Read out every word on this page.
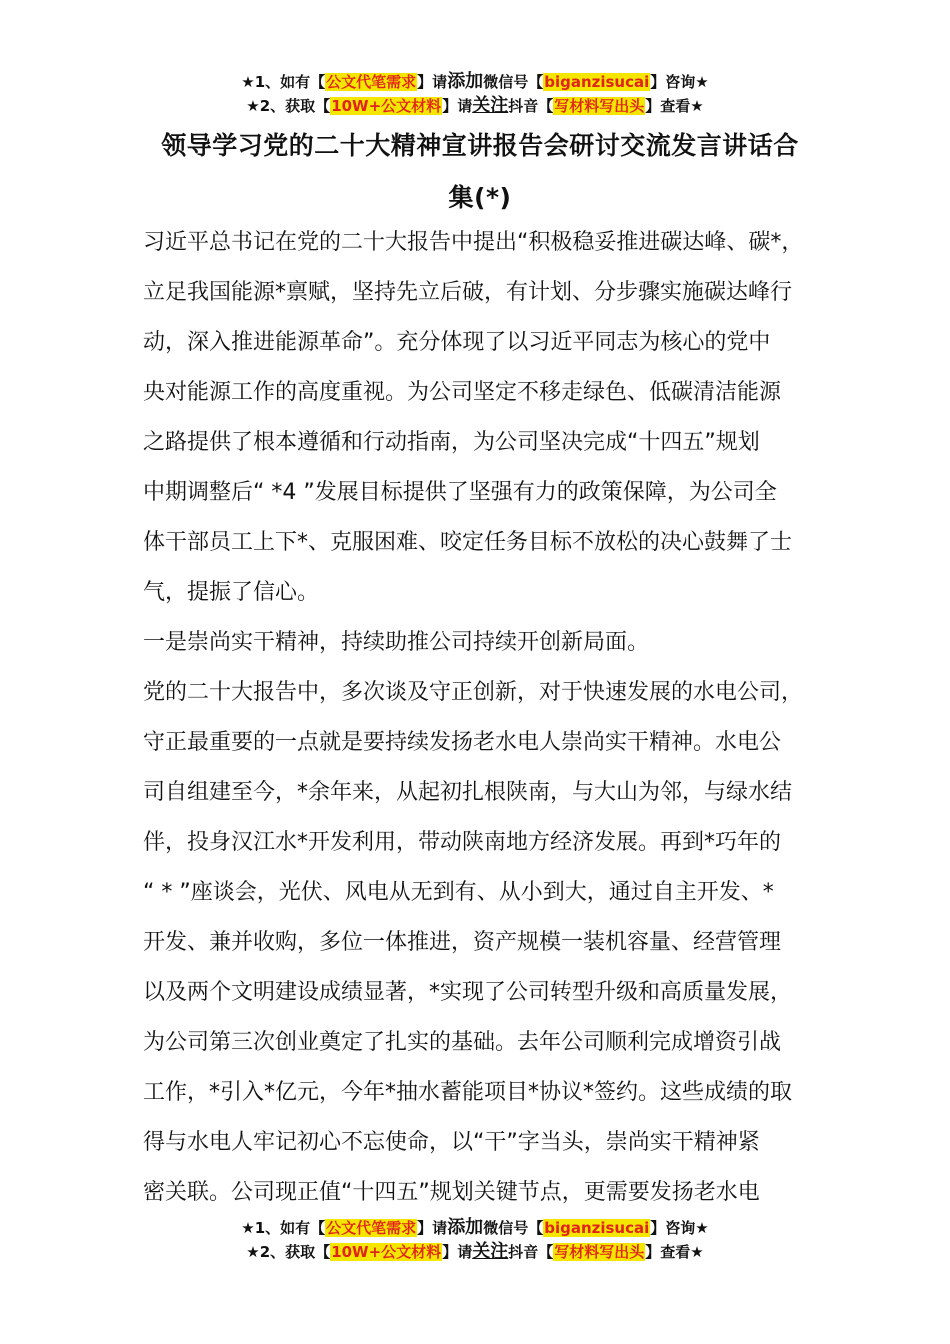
★1、如有【公文代笔需求】请添加微信号【biganzisucai】咨询★
★2、获取【10W+公文材料】请关注抖音【写材料写出头】查看★
领导学习党的二十大精神宣讲报告会研讨交流发言讲话合
集(*)
习近平总书记在党的二十大报告中提出“积极稳妥推进碳达峰、碳*，
立足我国能源*禀赋，坚持先立后破，有计划、分步骤实施碳达峰行
动，深入推进能源革命”。充分体现了以习近平同志为核心的党中
央对能源工作的高度重视。为公司坚定不移走绿色、低碳清洁能源
之路提供了根本遵循和行动指南，为公司坚决完成“十四五”规划
中期调整后“ *4 ”发展目标提供了坚强有力的政策保障，为公司全
体干部员工上下*、克服困难、咬定任务目标不放松的决心鼓舞了士
气，提振了信心。
一是崇尚实干精神，持续助推公司持续开创新局面。
党的二十大报告中，多次谈及守正创新，对于快速发展的水电公司，
守正最重要的一点就是要持续发扬老水电人崇尚实干精神。水电公
司自组建至今，*余年来，从起初扎根陕南，与大山为邻，与绿水结
伴，投身汉江水*开发利用，带动陕南地方经济发展。再到*巧年的
“ * ”座谈会，光伏、风电从无到有、从小到大，通过自主开发、*
开发、兼并收购，多位一体推进，资产规模一装机容量、经营管理
以及两个文明建设成绩显著，*实现了公司转型升级和高质量发展，
为公司第三次创业奠定了扎实的基础。去年公司顺利完成增资引战
工作，*引入*亿元，今年*抽水蓄能项目*协议*签约。这些成绩的取
得与水电人牢记初心不忘使命，以“干”字当头，崇尚实干精神紧
密关联。公司现正值“十四五”规划关键节点，更需要发扬老水电
★1、如有【公文代笔需求】请添加微信号【biganzisucai】咨询★
★2、获取【10W+公文材料】请关注抖音【写材料写出头】查看★
